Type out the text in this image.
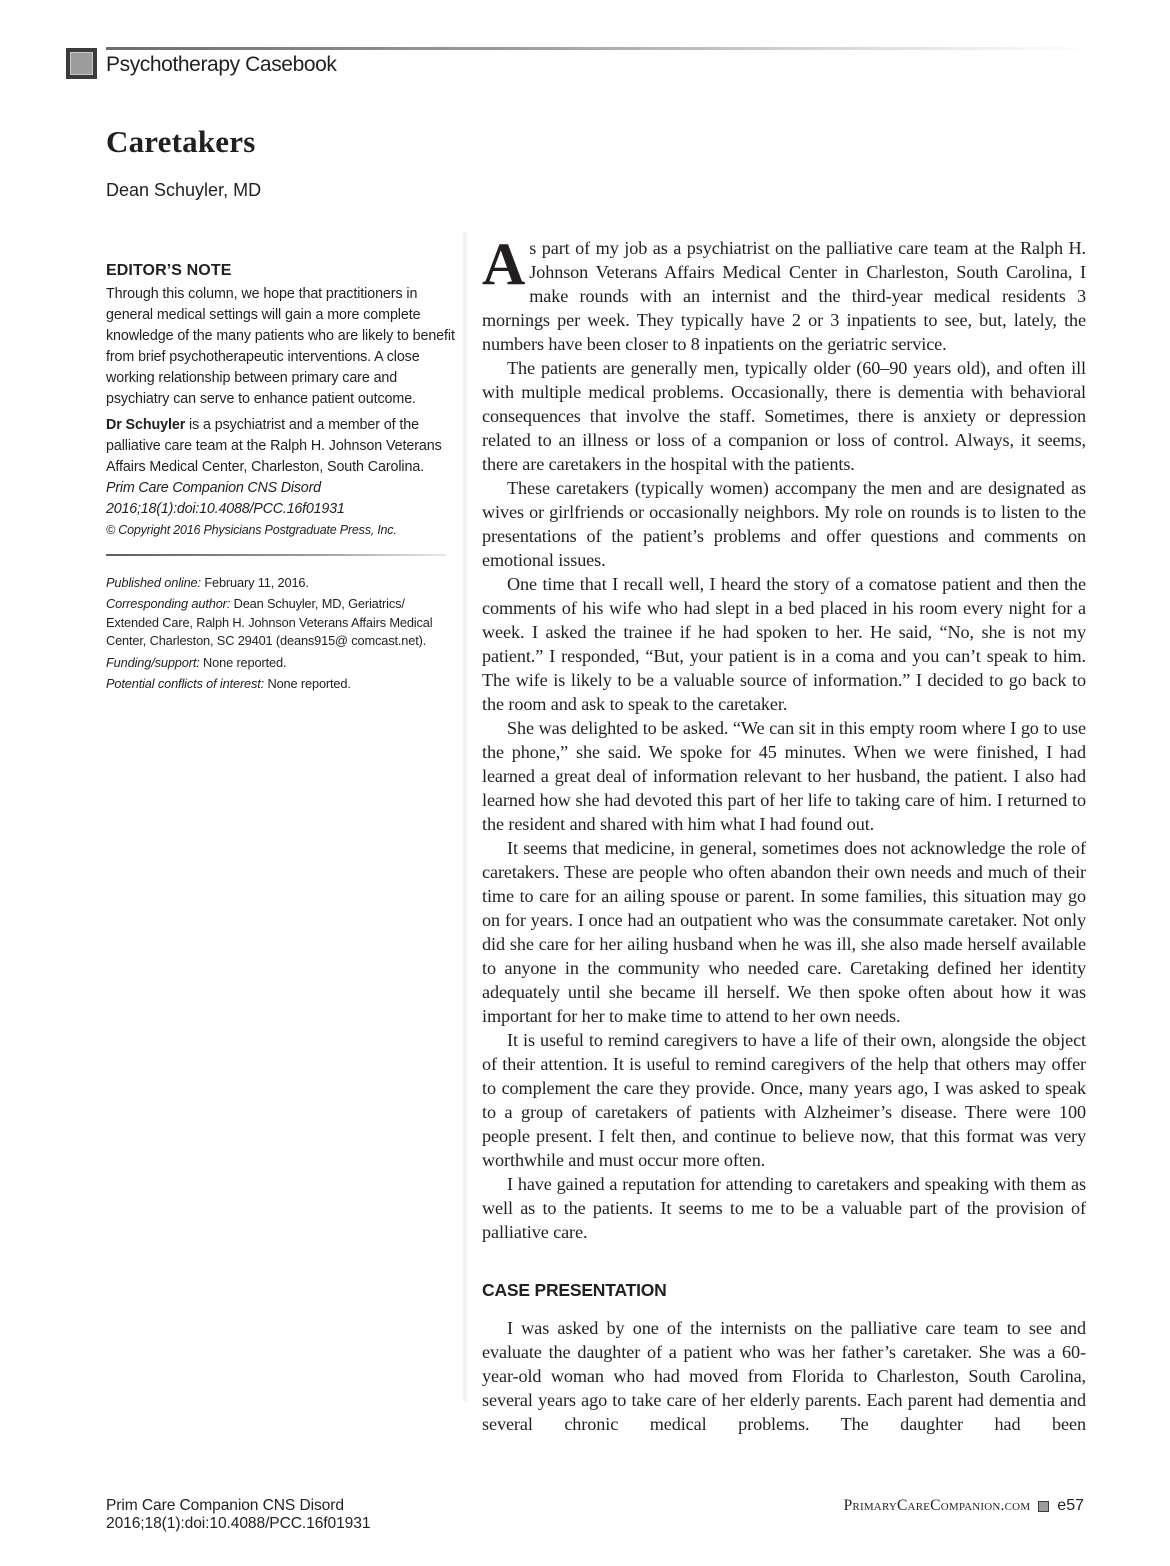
Psychotherapy Casebook
Caretakers
Dean Schuyler, MD
EDITOR’S NOTE

Through this column, we hope that practitioners in general medical settings will gain a more complete knowledge of the many patients who are likely to benefit from brief psychotherapeutic interventions. A close working relationship between primary care and psychiatry can serve to enhance patient outcome.

Dr Schuyler is a psychiatrist and a member of the palliative care team at the Ralph H. Johnson Veterans Affairs Medical Center, Charleston, South Carolina.

Prim Care Companion CNS Disord

2016;18(1):doi:10.4088/PCC.16f01931

© Copyright 2016 Physicians Postgraduate Press, Inc.

Published online: February 11, 2016.

Corresponding author: Dean Schuyler, MD, Geriatrics/ Extended Care, Ralph H. Johnson Veterans Affairs Medical Center, Charleston, SC 29401 (deans915@ comcast.net).

Funding/support: None reported.

Potential conflicts of interest: None reported.

As part of my job as a psychiatrist on the palliative care team at the Ralph H. Johnson Veterans Affairs Medical Center in Charleston, South Carolina, I make rounds with an internist and the third-year medical residents 3 mornings per week. They typically have 2 or 3 inpatients to see, but, lately, the numbers have been closer to 8 inpatients on the geriatric service.

The patients are generally men, typically older (60–90 years old), and often ill with multiple medical problems. Occasionally, there is dementia with behavioral consequences that involve the staff. Sometimes, there is anxiety or depression related to an illness or loss of a companion or loss of control. Always, it seems, there are caretakers in the hospital with the patients.

These caretakers (typically women) accompany the men and are designated as wives or girlfriends or occasionally neighbors. My role on rounds is to listen to the presentations of the patient’s problems and offer questions and comments on emotional issues.

One time that I recall well, I heard the story of a comatose patient and then the comments of his wife who had slept in a bed placed in his room every night for a week. I asked the trainee if he had spoken to her. He said, “No, she is not my patient.” I responded, “But, your patient is in a coma and you can’t speak to him. The wife is likely to be a valuable source of information.” I decided to go back to the room and ask to speak to the caretaker.

She was delighted to be asked. “We can sit in this empty room where I go to use the phone,” she said. We spoke for 45 minutes. When we were finished, I had learned a great deal of information relevant to her husband, the patient. I also had learned how she had devoted this part of her life to taking care of him. I returned to the resident and shared with him what I had found out.

It seems that medicine, in general, sometimes does not acknowledge the role of caretakers. These are people who often abandon their own needs and much of their time to care for an ailing spouse or parent. In some families, this situation may go on for years. I once had an outpatient who was the consummate caretaker. Not only did she care for her ailing husband when he was ill, she also made herself available to anyone in the community who needed care. Caretaking defined her identity adequately until she became ill herself. We then spoke often about how it was important for her to make time to attend to her own needs.

It is useful to remind caregivers to have a life of their own, alongside the object of their attention. It is useful to remind caregivers of the help that others may offer to complement the care they provide. Once, many years ago, I was asked to speak to a group of caretakers of patients with Alzheimer’s disease. There were 100 people present. I felt then, and continue to believe now, that this format was very worthwhile and must occur more often.

I have gained a reputation for attending to caretakers and speaking with them as well as to the patients. It seems to me to be a valuable part of the provision of palliative care.

CASE PRESENTATION

I was asked by one of the internists on the palliative care team to see and evaluate the daughter of a patient who was her father’s caretaker. She was a 60-year-old woman who had moved from Florida to Charleston, South Carolina, several years ago to take care of her elderly parents. Each parent had dementia and several chronic medical problems. The daughter had been

Prim Care Companion CNS Disord
2016;18(1):doi:10.4088/PCC.16f01931
PrimaryCareCompanion.com e57
